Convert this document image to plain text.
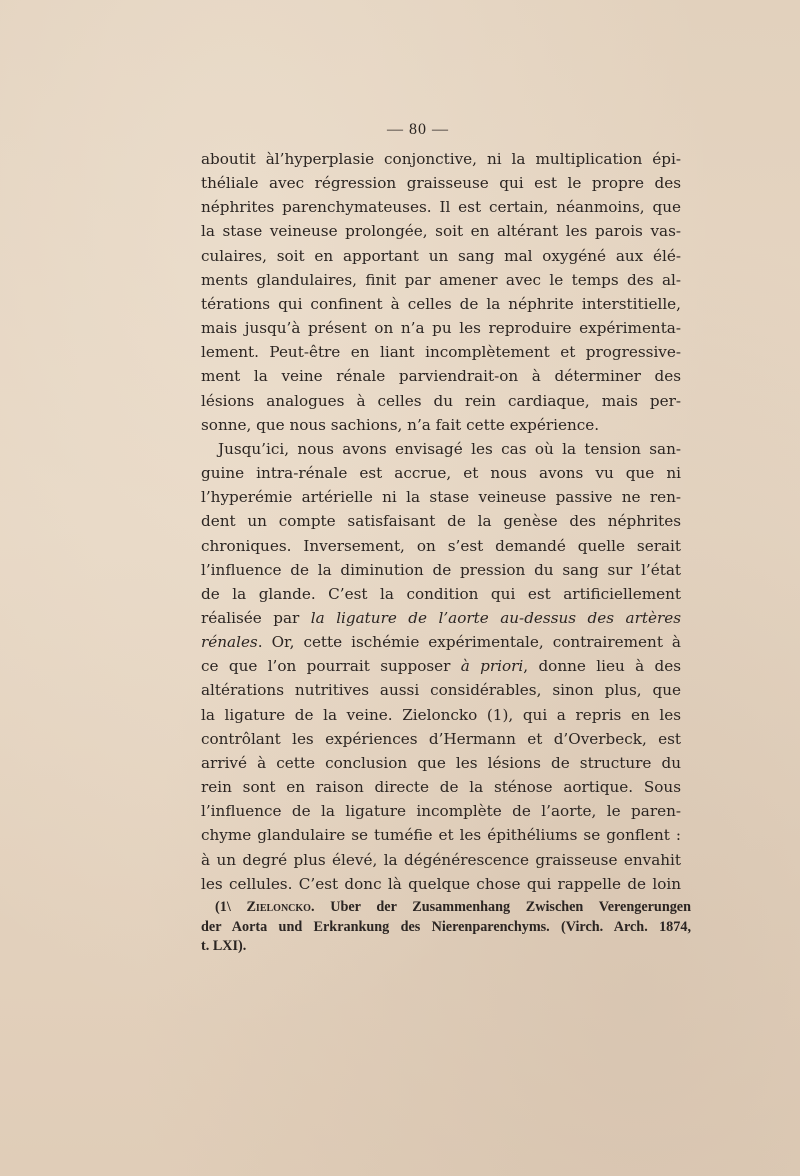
— 80 —
aboutit àl’hyperplasie conjonctive, ni la multiplication épi-
théliale avec régression graisseuse qui est le propre des
néphrites parenchymateuses. Il est certain, néanmoins, que
la stase veineuse prolongée, soit en altérant les parois vas-
culaires, soit en apportant un sang mal oxygéné aux élé-
ments glandulaires, finit par amener avec le temps des al-
térations qui confinent à celles de la néphrite interstitielle,
mais jusqu’à présent on n’a pu les reproduire expérimenta-
lement. Peut-être en liant incomplètement et progressive-
ment la veine rénale parviendrait-on à déterminer des
lésions analogues à celles du rein cardiaque, mais per-
sonne, que nous sachions, n’a fait cette expérience.
Jusqu’ici, nous avons envisagé les cas où la tension san-
guine intra-rénale est accrue, et nous avons vu que ni
l’hyperémie artérielle ni la stase veineuse passive ne ren-
dent un compte satisfaisant de la genèse des néphrites
chroniques. Inversement, on s’est demandé quelle serait
l’influence de la diminution de pression du sang sur l’état
de la glande. C’est la condition qui est artificiellement
réalisée par la ligature de l’aorte au-dessus des artères
rénales. Or, cette ischémie expérimentale, contrairement à
ce que l’on pourrait supposer à priori, donne lieu à des
altérations nutritives aussi considérables, sinon plus, que
la ligature de la veine. Zieloncko (1), qui a repris en les
contrôlant les expériences d’Hermann et d’Overbeck, est
arrivé à cette conclusion que les lésions de structure du
rein sont en raison directe de la sténose aortique. Sous
l’influence de la ligature incomplète de l’aorte, le paren-
chyme glandulaire se tuméfie et les épithéliums se gonflent :
à un degré plus élevé, la dégénérescence graisseuse envahit
les cellules. C’est donc là quelque chose qui rappelle de loin
(1\ Zieloncko. Uber der Zusammenhang Zwischen Verengerungen
der Aorta und Erkrankung des Nierenparenchyms. (Virch. Arch. 1874,
t. LXI).
